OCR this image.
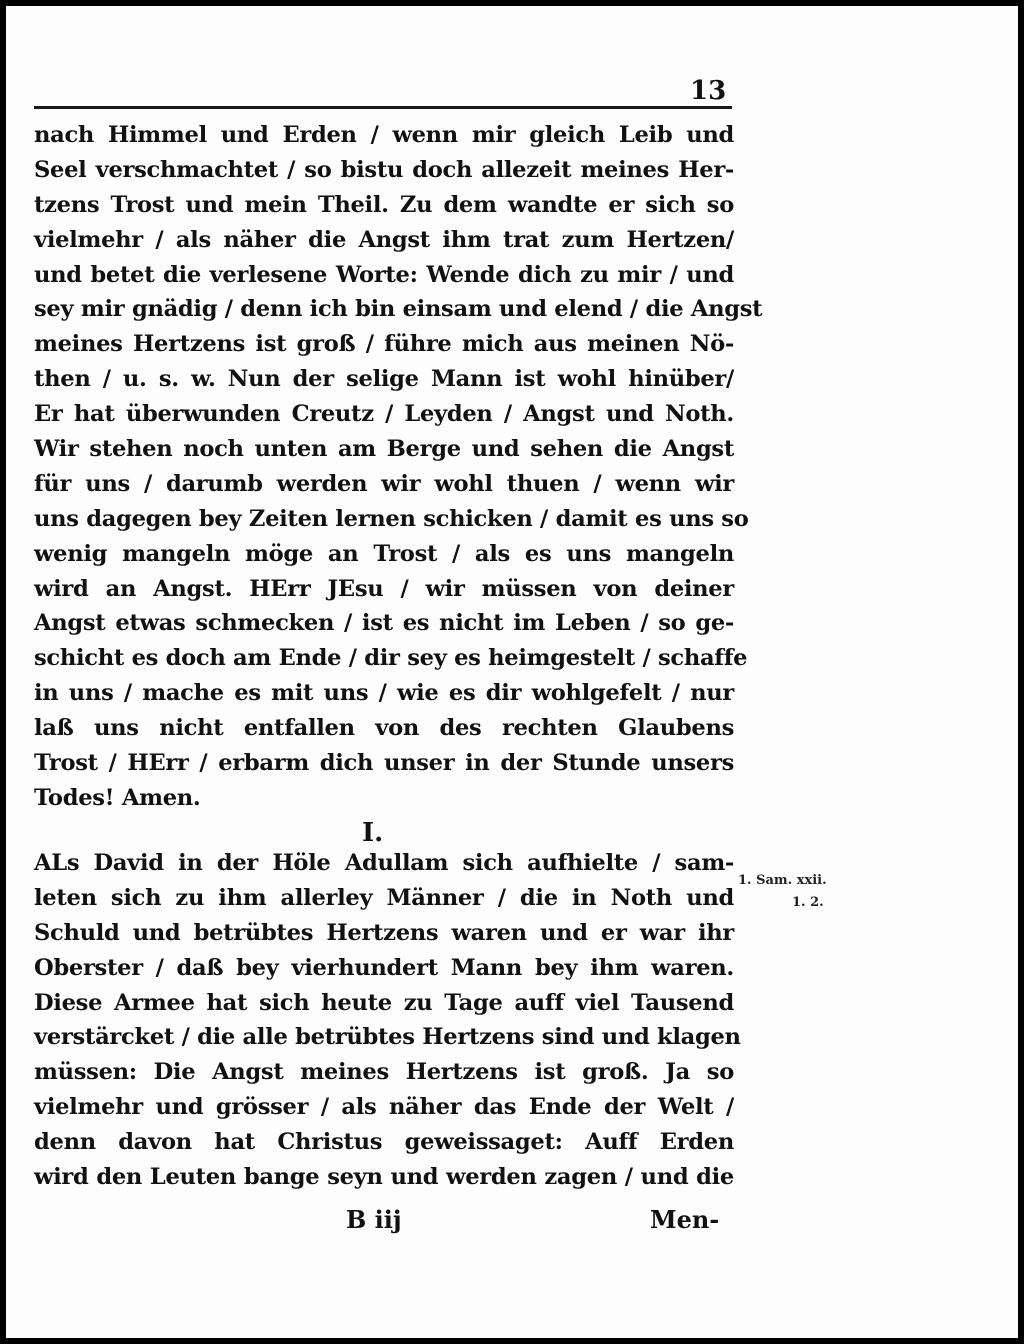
13
nach Himmel und Erden / wenn mir gleich Leib und
Seel verschmachtet / so bistu doch allezeit meines Her-
tzens Trost und mein Theil. Zu dem wandte er sich so
vielmehr / als näher die Angst ihm trat zum Hertzen/
und betet die verlesene Worte: Wende dich zu mir / und
sey mir gnädig / denn ich bin einsam und elend / die Angst
meines Hertzens ist groß / führe mich aus meinen Nö-
then / u. s. w. Nun der selige Mann ist wohl hinüber/
Er hat überwunden Creutz / Leyden / Angst und Noth.
Wir stehen noch unten am Berge und sehen die Angst
für uns / darumb werden wir wohl thuen / wenn wir
uns dagegen bey Zeiten lernen schicken / damit es uns so
wenig mangeln möge an Trost / als es uns mangeln
wird an Angst. HErr JEsu / wir müssen von deiner
Angst etwas schmecken / ist es nicht im Leben / so ge-
schicht es doch am Ende / dir sey es heimgestelt / schaffe
in uns / mache es mit uns / wie es dir wohlgefelt / nur
laß uns nicht entfallen von des rechten Glaubens
Trost / HErr / erbarm dich unser in der Stunde unsers
Todes! Amen.
I.
ALs David in der Höle Adullam sich aufhielte / sam-
leten sich zu ihm allerley Männer / die in Noth und
Schuld und betrübtes Hertzens waren und er war ihr
Oberster / daß bey vierhundert Mann bey ihm waren.
Diese Armee hat sich heute zu Tage auff viel Tausend
verstärcket / die alle betrübtes Hertzens sind und klagen
müssen: Die Angst meines Hertzens ist groß. Ja so
vielmehr und grösser / als näher das Ende der Welt /
denn davon hat Christus geweissaget: Auff Erden
wird den Leuten bange seyn und werden zagen / und die
1. Sam. xxii.
1. 2.
B iij	Men-
